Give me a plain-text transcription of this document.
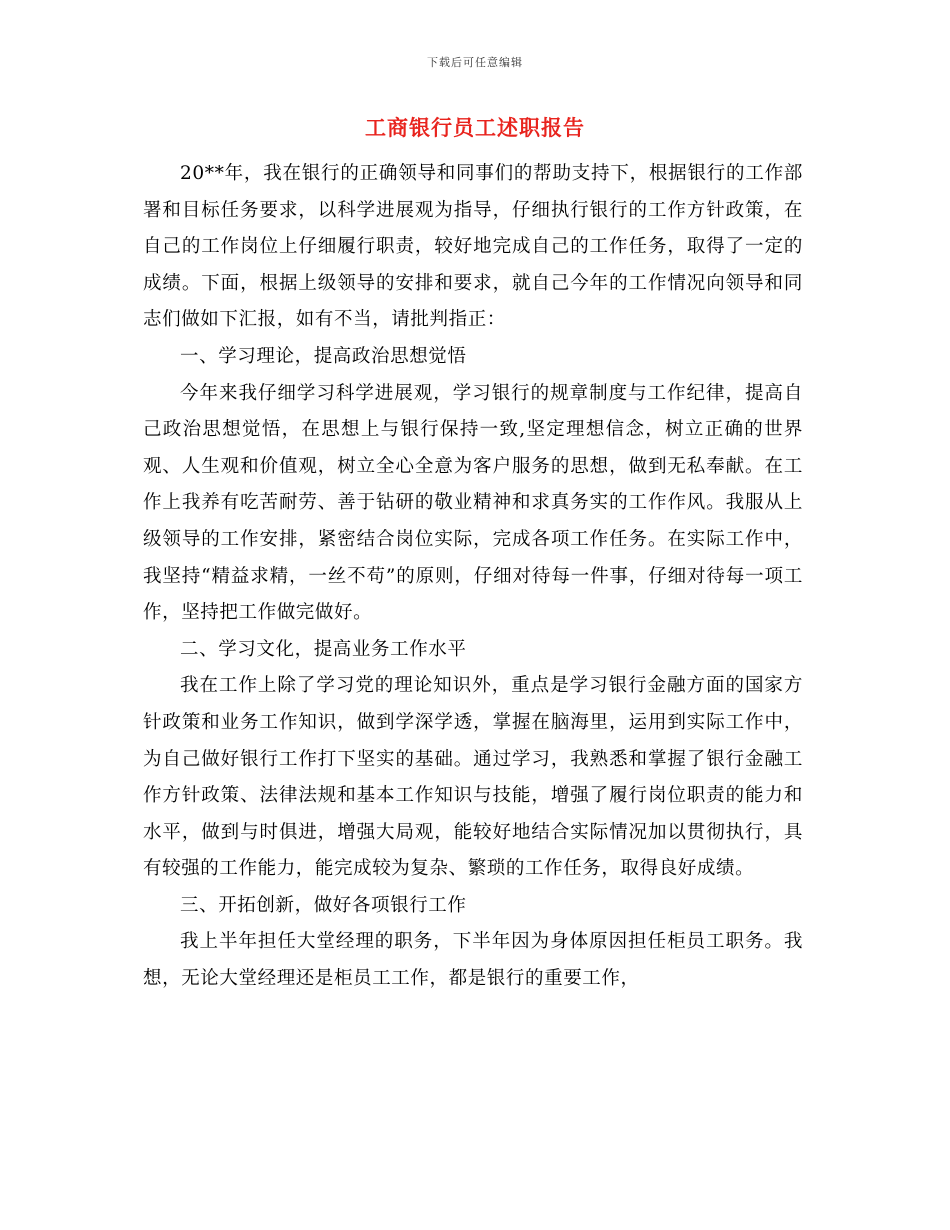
下载后可任意编辑
工商银行员工述职报告

20**年，我在银行的正确领导和同事们的帮助支持下，根据银行的工作部署和目标任务要求，以科学进展观为指导，仔细执行银行的工作方针政策，在自己的工作岗位上仔细履行职责，较好地完成自己的工作任务，取得了一定的成绩。下面，根据上级领导的安排和要求，就自己今年的工作情况向领导和同志们做如下汇报，如有不当，请批判指正：

一、学习理论，提高政治思想觉悟

今年来我仔细学习科学进展观，学习银行的规章制度与工作纪律，提高自己政治思想觉悟，在思想上与银行保持一致,坚定理想信念，树立正确的世界观、人生观和价值观，树立全心全意为客户服务的思想，做到无私奉献。在工作上我养有吃苦耐劳、善于钻研的敬业精神和求真务实的工作作风。我服从上级领导的工作安排，紧密结合岗位实际，完成各项工作任务。在实际工作中，我坚持“精益求精，一丝不苟”的原则，仔细对待每一件事，仔细对待每一项工作，坚持把工作做完做好。

二、学习文化，提高业务工作水平

我在工作上除了学习党的理论知识外，重点是学习银行金融方面的国家方针政策和业务工作知识，做到学深学透，掌握在脑海里，运用到实际工作中，为自己做好银行工作打下坚实的基础。通过学习，我熟悉和掌握了银行金融工作方针政策、法律法规和基本工作知识与技能，增强了履行岗位职责的能力和水平，做到与时俱进，增强大局观，能较好地结合实际情况加以贯彻执行，具有较强的工作能力，能完成较为复杂、繁琐的工作任务，取得良好成绩。

三、开拓创新，做好各项银行工作

我上半年担任大堂经理的职务，下半年因为身体原因担任柜员工职务。我想，无论大堂经理还是柜员工工作，都是银行的重要工作，
